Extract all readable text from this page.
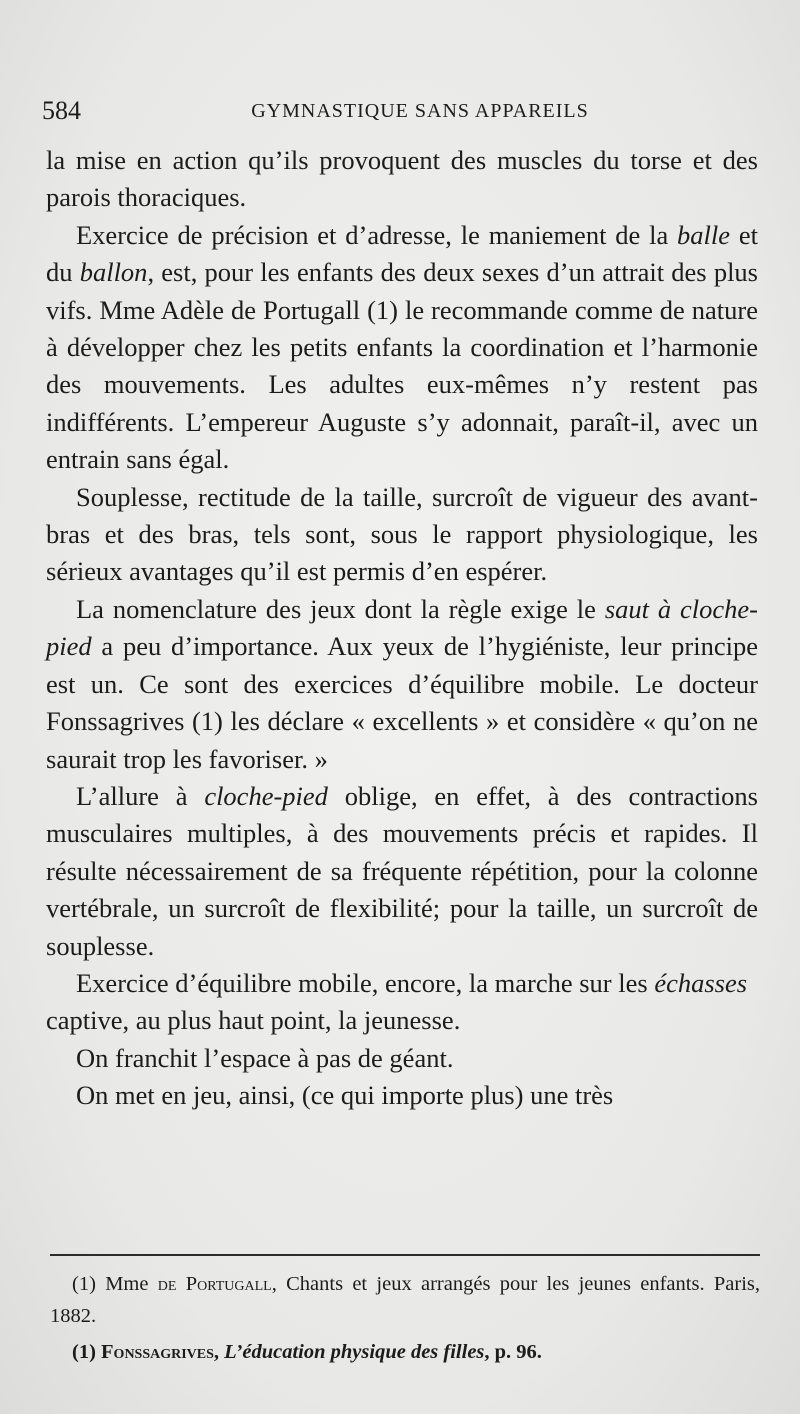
584	GYMNASTIQUE SANS APPAREILS

la mise en action qu’ils provoquent des muscles du torse et des parois thoraciques.

Exercice de précision et d’adresse, le maniement de la balle et du ballon, est, pour les enfants des deux sexes d’un attrait des plus vifs. Mme Adèle de Portugall (1) le recommande comme de nature à développer chez les petits enfants la coordination et l’harmonie des mouvements. Les adultes eux-mêmes n’y restent pas indifférents. L’empereur Auguste s’y adonnait, paraît-il, avec un entrain sans égal.

Souplesse, rectitude de la taille, surcroît de vigueur des avant-bras et des bras, tels sont, sous le rapport physiologique, les sérieux avantages qu’il est permis d’en espérer.

La nomenclature des jeux dont la règle exige le saut à cloche-pied a peu d’importance. Aux yeux de l’hygiéniste, leur principe est un. Ce sont des exercices d’équilibre mobile. Le docteur Fonssagrives (1) les déclare « excellents » et considère « qu’on ne saurait trop les favoriser. »

L’allure à cloche-pied oblige, en effet, à des contractions musculaires multiples, à des mouvements précis et rapides. Il résulte nécessairement de sa fréquente répétition, pour la colonne vertébrale, un surcroît de flexibilité; pour la taille, un surcroît de souplesse.

Exercice d’équilibre mobile, encore, la marche sur les échasses captive, au plus haut point, la jeunesse.

On franchit l’espace à pas de géant.

On met en jeu, ainsi, (ce qui importe plus) une très

(1) Mme de Portugall, Chants et jeux arrangés pour les jeunes enfants. Paris, 1882.

(1) Fonssagrives, L’éducation physique des filles, p. 96.
